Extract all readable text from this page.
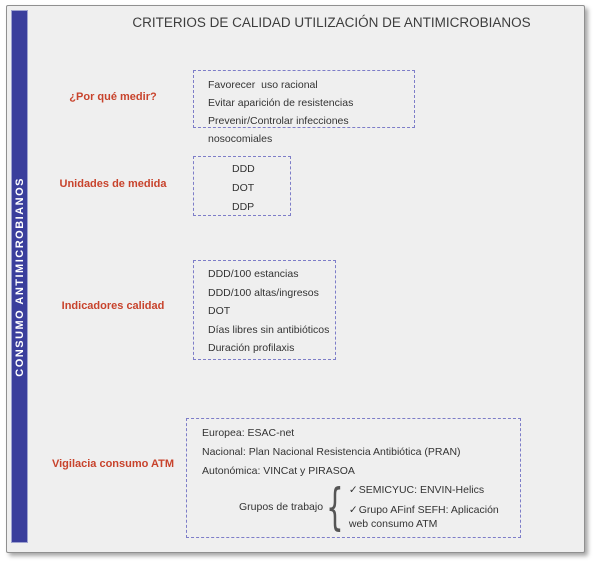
CONSUMO ANTIMICROBIANOS
CRITERIOS DE CALIDAD UTILIZACIÓN DE ANTIMICROBIANOS
¿Por qué medir?
Favorecer  uso racional
Evitar aparición de resistencias
Prevenir/Controlar infecciones nosocomiales
Unidades de medida
DDD
DOT
DDP
Indicadores calidad
DDD/100 estancias
DDD/100 altas/ingresos
DOT
Días libres sin antibióticos
Duración profilaxis
Vigilacia consumo ATM
Europea: ESAC-net
Nacional: Plan Nacional Resistencia Antibiótica (PRAN)
Autonómica: VINCat y PIRASOA
Grupos de trabajo { ✓SEMICYUC: ENVIN-Helics
✓Grupo AFinf SEFH: Aplicación web consumo ATM
